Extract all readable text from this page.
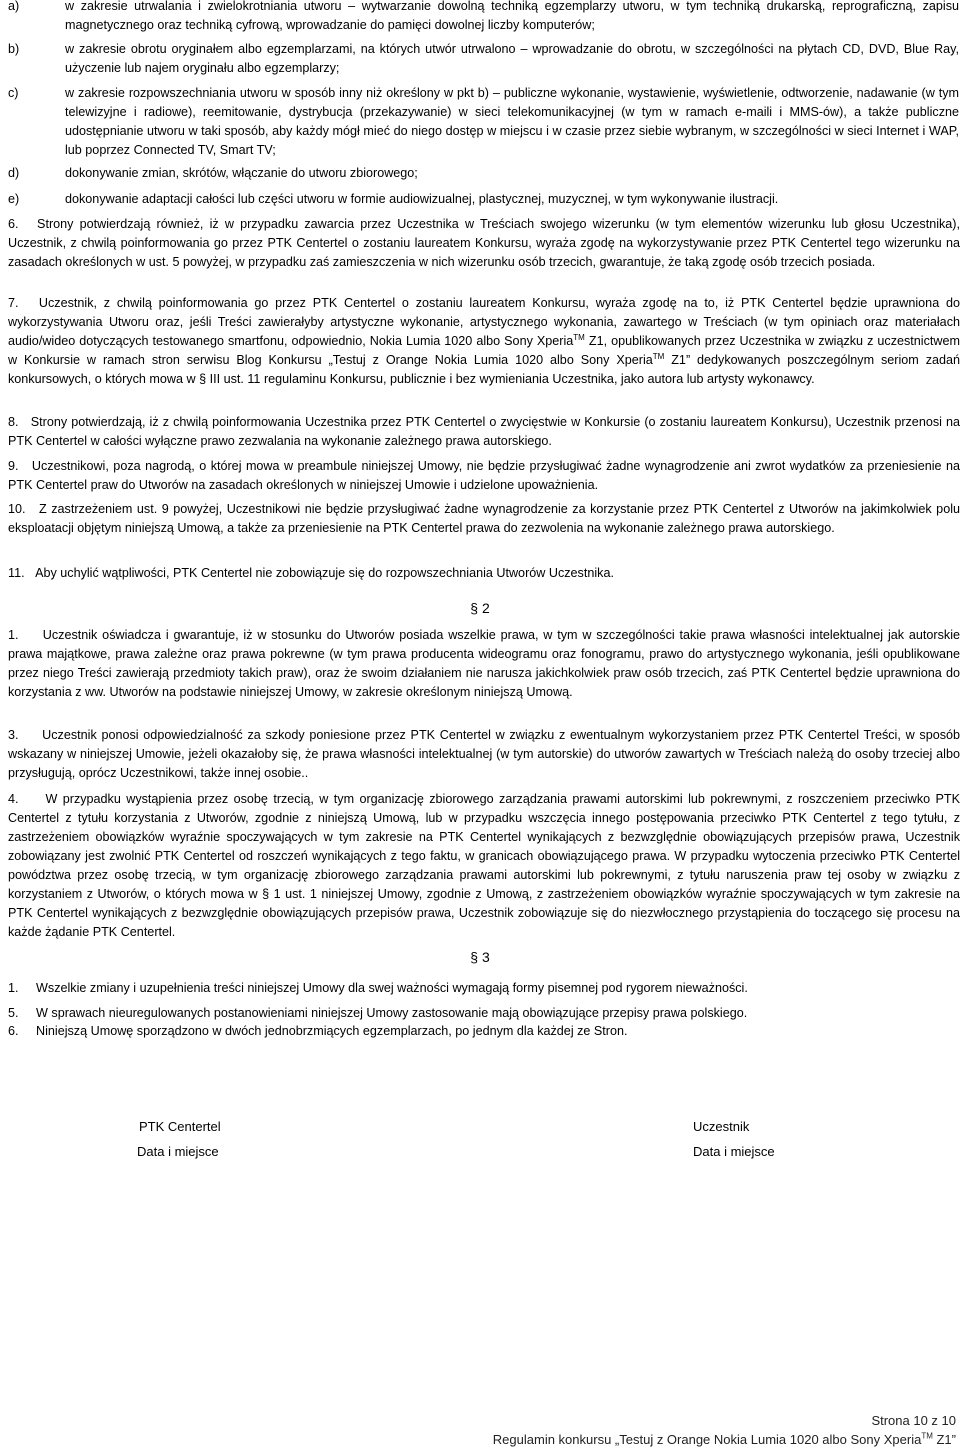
a)	w zakresie utrwalania i zwielokrotniania utworu – wytwarzanie dowolną techniką egzemplarzy utworu, w tym techniką drukarską, reprograficzną, zapisu magnetycznego oraz techniką cyfrową, wprowadzanie do pamięci dowolnej liczby komputerów;
b)	w zakresie obrotu oryginałem albo egzemplarzami, na których utwór utrwalono – wprowadzanie do obrotu, w szczególności na płytach CD, DVD, Blue Ray, użyczenie lub najem oryginału albo egzemplarzy;
c)	w zakresie rozpowszechniania utworu w sposób inny niż określony w pkt b) – publiczne wykonanie, wystawienie, wyświetlenie, odtworzenie, nadawanie (w tym telewizyjne i radiowe), reemitowanie, dystrybucja (przekazywanie) w sieci telekomunikacyjnej (w tym w ramach e-maili i MMS-ów), a także publiczne udostępnianie utworu w taki sposób, aby każdy mógł mieć do niego dostęp w miejscu i w czasie przez siebie wybranym, w szczególności w sieci Internet i WAP, lub poprzez Connected TV, Smart TV;
d)	dokonywanie zmian, skrótów, włączanie do utworu zbiorowego;
e)	dokonywanie adaptacji całości lub części utworu w formie audiowizualnej, plastycznej, muzycznej, w tym wykonywanie ilustracji.
6. Strony potwierdzają również, iż w przypadku zawarcia przez Uczestnika w Treściach swojego wizerunku (w tym elementów wizerunku lub głosu Uczestnika), Uczestnik, z chwilą poinformowania go przez PTK Centertel o zostaniu laureatem Konkursu, wyraża zgodę na wykorzystywanie przez PTK Centertel tego wizerunku na zasadach określonych w ust. 5 powyżej, w przypadku zaś zamieszczenia w nich wizerunku osób trzecich, gwarantuje, że taką zgodę osób trzecich posiada.
7. Uczestnik, z chwilą poinformowania go przez PTK Centertel o zostaniu laureatem Konkursu, wyraża zgodę na to, iż PTK Centertel będzie uprawniona do wykorzystywania Utworu oraz, jeśli Treści zawierałyby artystyczne wykonanie, artystycznego wykonania, zawartego w Treściach (w tym opiniach oraz materiałach audio/wideo dotyczących testowanego smartfonu, odpowiednio, Nokia Lumia 1020 albo Sony Xperia™ Z1, opublikowanych przez Uczestnika w związku z uczestnictwem w Konkursie w ramach stron serwisu Blog Konkursu „Testuj z Orange Nokia Lumia 1020 albo Sony Xperia™ Z1” dedykowanych poszczególnym seriom zadań konkursowych, o których mowa w § III ust. 11 regulaminu Konkursu, publicznie i bez wymieniania Uczestnika, jako autora lub artysty wykonawcy.
8. Strony potwierdzają, iż z chwilą poinformowania Uczestnika przez PTK Centertel o zwycięstwie w Konkursie (o zostaniu laureatem Konkursu), Uczestnik przenosi na PTK Centertel w całości wyłączne prawo zezwalania na wykonanie zależnego prawa autorskiego.
9. Uczestnikowi, poza nagrodą, o której mowa w preambule niniejszej Umowy, nie będzie przysługiwać żadne wynagrodzenie ani zwrot wydatków za przeniesienie na PTK Centertel praw do Utworów na zasadach określonych w niniejszej Umowie i udzielone upoważnienia.
10. Z zastrzeżeniem ust. 9 powyżej, Uczestnikowi nie będzie przysługiwać żadne wynagrodzenie za korzystanie przez PTK Centertel z Utworów na jakimkolwiek polu eksploatacji objętym niniejszą Umową, a także za przeniesienie na PTK Centertel prawa do zezwolenia na wykonanie zależnego prawa autorskiego.
11. Aby uchylić wątpliwości, PTK Centertel nie zobowiązuje się do rozpowszechniania Utworów Uczestnika.
§ 2
1. Uczestnik oświadcza i gwarantuje, iż w stosunku do Utworów posiada wszelkie prawa, w tym w szczególności takie prawa własności intelektualnej jak autorskie prawa majątkowe, prawa zależne oraz prawa pokrewne (w tym prawa producenta wideogramu oraz fonogramu, prawo do artystycznego wykonania, jeśli opublikowane przez niego Treści zawierają przedmioty takich praw), oraz że swoim działaniem nie narusza jakichkolwiek praw osób trzecich, zaś PTK Centertel będzie uprawniona do korzystania z ww. Utworów na podstawie niniejszej Umowy, w zakresie określonym niniejszą Umową.
3. Uczestnik ponosi odpowiedzialność za szkody poniesione przez PTK Centertel w związku z ewentualnym wykorzystaniem przez PTK Centertel Treści, w sposób wskazany w niniejszej Umowie, jeżeli okazałoby się, że prawa własności intelektualnej (w tym autorskie) do utworów zawartych w Treściach należą do osoby trzeciej albo przysługują, oprócz Uczestnikowi, także innej osobie..
4. W przypadku wystąpienia przez osobę trzecią, w tym organizację zbiorowego zarządzania prawami autorskimi lub pokrewnymi, z roszczeniem przeciwko PTK Centertel z tytułu korzystania z Utworów, zgodnie z niniejszą Umową, lub w przypadku wszczęcia innego postępowania przeciwko PTK Centertel z tego tytułu, z zastrzeżeniem obowiązków wyraźnie spoczywających w tym zakresie na PTK Centertel wynikających z bezwzględnie obowiązujących przepisów prawa, Uczestnik zobowiązany jest zwolnić PTK Centertel od roszczeń wynikających z tego faktu, w granicach obowiązującego prawa. W przypadku wytoczenia przeciwko PTK Centertel powództwa przez osobę trzecią, w tym organizację zbiorowego zarządzania prawami autorskimi lub pokrewnymi, z tytułu naruszenia praw tej osoby w związku z korzystaniem z Utworów, o których mowa w § 1 ust. 1 niniejszej Umowy, zgodnie z Umową, z zastrzeżeniem obowiązków wyraźnie spoczywających w tym zakresie na PTK Centertel wynikających z bezwzględnie obowiązujących przepisów prawa, Uczestnik zobowiązuje się do niezwłocznego przystąpienia do toczącego się procesu na każde żądanie PTK Centertel.
§ 3
1. Wszelkie zmiany i uzupełnienia treści niniejszej Umowy dla swej ważności wymagają formy pisemnej pod rygorem nieważności.
5. W sprawach nieuregulowanych postanowieniami niniejszej Umowy zastosowanie mają obowiązujące przepisy prawa polskiego.
6. Niniejszą Umowę sporządzono w dwóch jednobrzmiących egzemplarzach, po jednym dla każdej ze Stron.
PTK Centertel
Data i miejsce
Uczestnik
Data i miejsce
Strona 10 z 10
Regulamin konkursu „Testuj z Orange Nokia Lumia 1020 albo Sony Xperia™ Z1”
